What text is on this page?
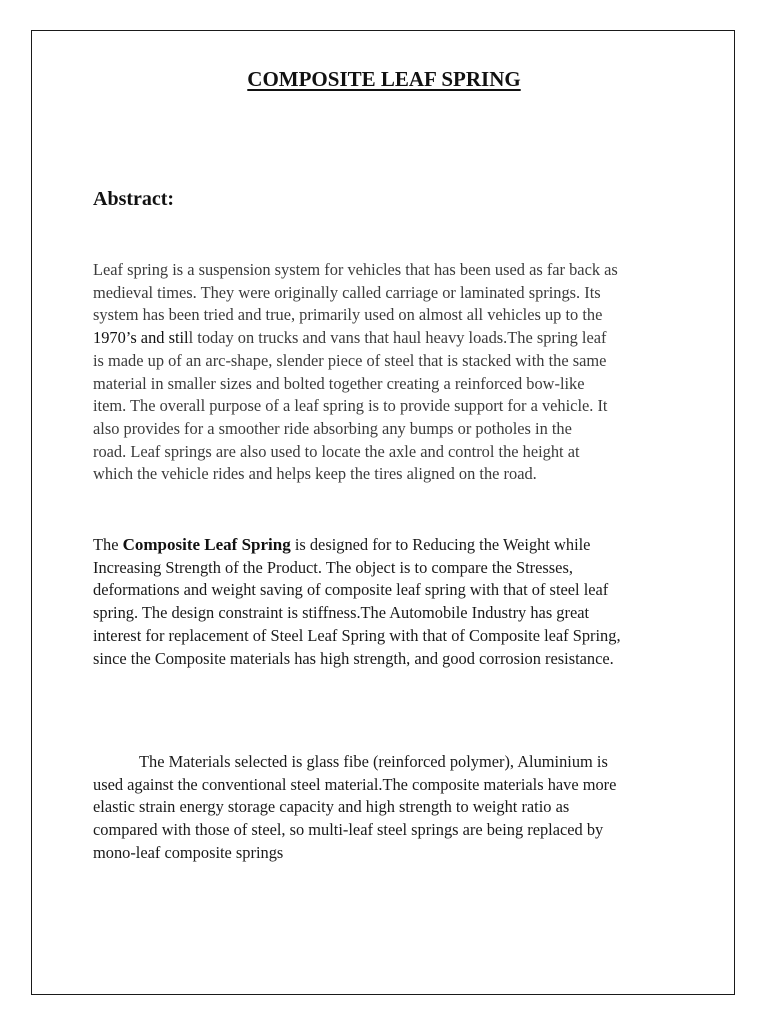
COMPOSITE LEAF SPRING
Abstract:

Leaf spring is a suspension system for vehicles that has been used as far back as
medieval times. They were originally called carriage or laminated springs. Its
system has been tried and true, primarily used on almost all vehicles up to the
1970’s and still today on trucks and vans that haul heavy loads.The spring leaf
is made up of an arc-shape, slender piece of steel that is stacked with the same
material in smaller sizes and bolted together creating a reinforced bow-like
item. The overall purpose of a leaf spring is to provide support for a vehicle. It
also provides for a smoother ride absorbing any bumps or potholes in the
road. Leaf springs are also used to locate the axle and control the height at
which the vehicle rides and helps keep the tires aligned on the road.

The Composite Leaf Spring is designed for to Reducing the Weight while
Increasing Strength of the Product. The object is to compare the Stresses,
deformations and weight saving of composite leaf spring with that of steel leaf
spring. The design constraint is stiffness.The Automobile Industry has great
interest for replacement of Steel Leaf Spring with that of Composite leaf Spring,
since the Composite materials has high strength, and good corrosion resistance.

The Materials selected is glass fibe (reinforced polymer), Aluminium is
used against the conventional steel material.The composite materials have more
elastic strain energy storage capacity and high strength to weight ratio as
compared with those of steel, so multi-leaf steel springs are being replaced by
mono-leaf composite springs
